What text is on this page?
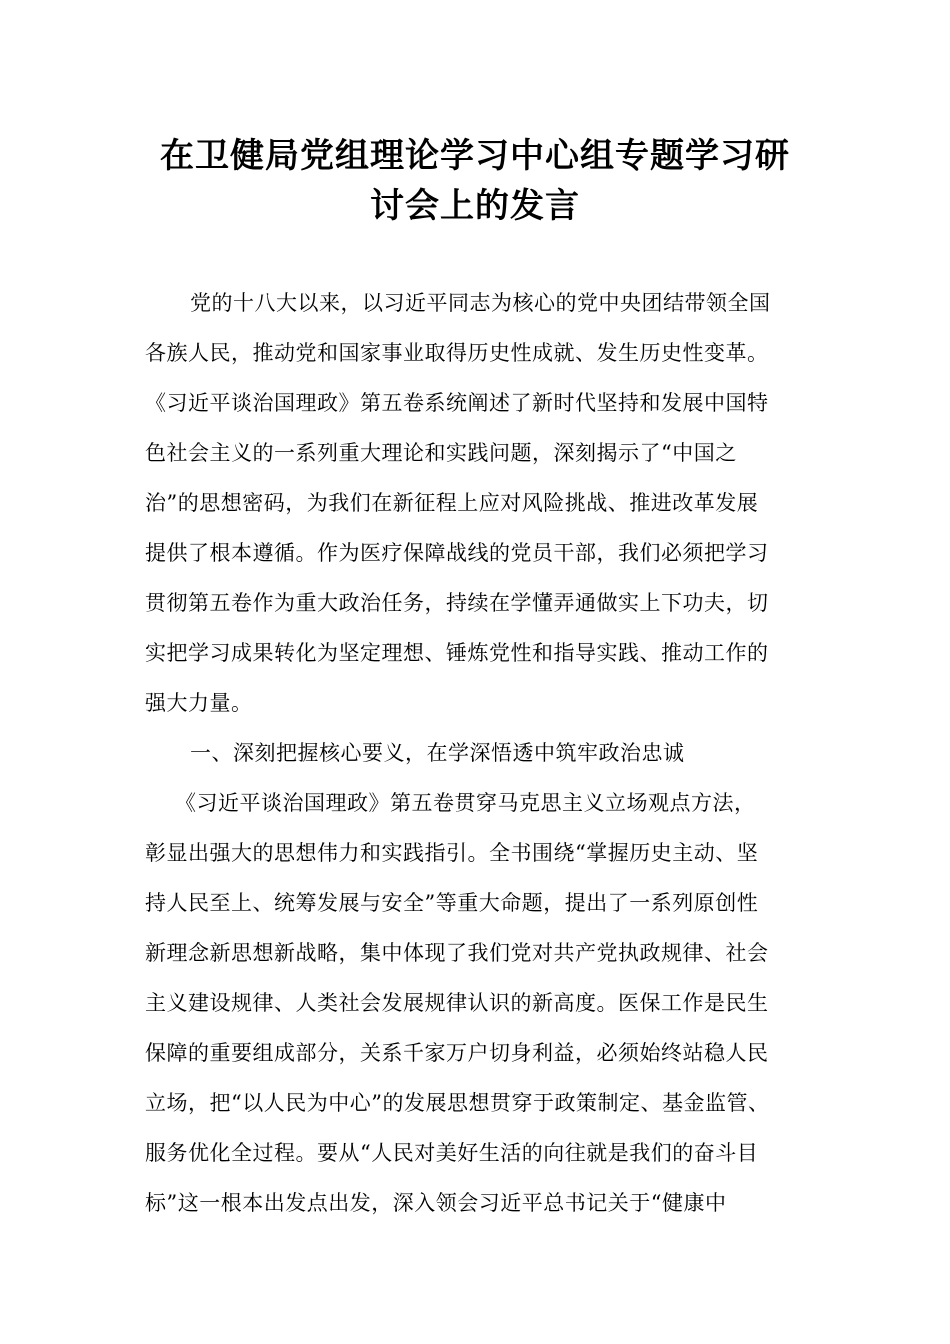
在卫健局党组理论学习中心组专题学习研
讨会上的发言
党的十八大以来，以习近平同志为核心的党中央团结带领全国
各族人民，推动党和国家事业取得历史性成就、发生历史性变革。
《习近平谈治国理政》第五卷系统阐述了新时代坚持和发展中国特
色社会主义的一系列重大理论和实践问题，深刻揭示了“中国之
治”的思想密码，为我们在新征程上应对风险挑战、推进改革发展
提供了根本遵循。作为医疗保障战线的党员干部，我们必须把学习
贯彻第五卷作为重大政治任务，持续在学懂弄通做实上下功夫，切
实把学习成果转化为坚定理想、锤炼党性和指导实践、推动工作的
强大力量。
一、深刻把握核心要义，在学深悟透中筑牢政治忠诚
《习近平谈治国理政》第五卷贯穿马克思主义立场观点方法，
彰显出强大的思想伟力和实践指引。全书围绕“掌握历史主动、坚
持人民至上、统筹发展与安全”等重大命题，提出了一系列原创性
新理念新思想新战略，集中体现了我们党对共产党执政规律、社会
主义建设规律、人类社会发展规律认识的新高度。医保工作是民生
保障的重要组成部分，关系千家万户切身利益，必须始终站稳人民
立场，把“以人民为中心”的发展思想贯穿于政策制定、基金监管、
服务优化全过程。要从“人民对美好生活的向往就是我们的奋斗目
标”这一根本出发点出发，深入领会习近平总书记关于“健康中
